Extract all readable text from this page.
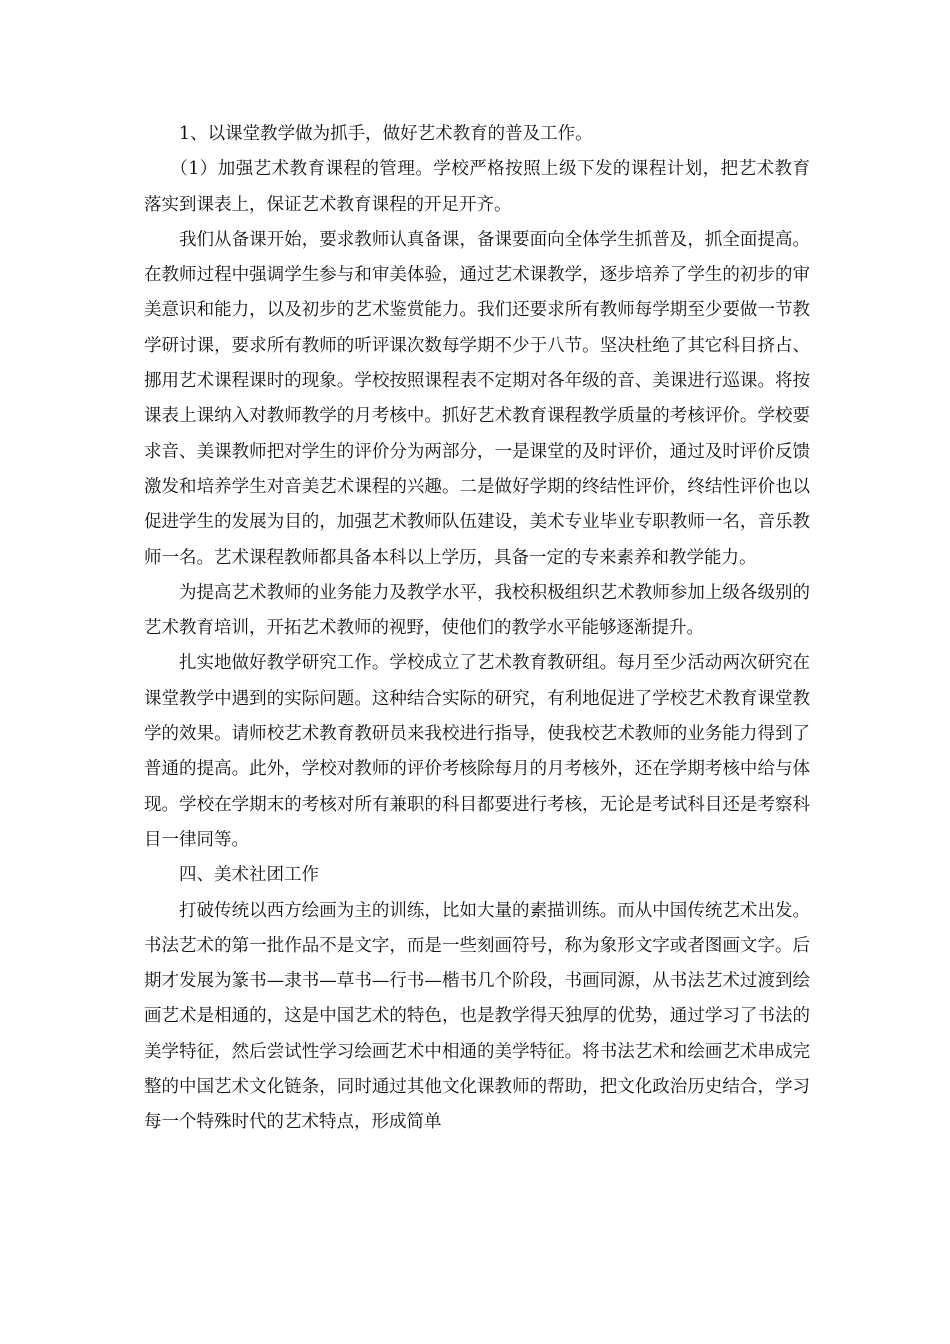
1、以课堂教学做为抓手，做好艺术教育的普及工作。

（1）加强艺术教育课程的管理。学校严格按照上级下发的课程计划，把艺术教育落实到课表上，保证艺术教育课程的开足开齐。

我们从备课开始，要求教师认真备课，备课要面向全体学生抓普及，抓全面提高。在教师过程中强调学生参与和审美体验，通过艺术课教学，逐步培养了学生的初步的审美意识和能力，以及初步的艺术鉴赏能力。我们还要求所有教师每学期至少要做一节教学研讨课，要求所有教师的听评课次数每学期不少于八节。坚决杜绝了其它科目挤占、挪用艺术课程课时的现象。学校按照课程表不定期对各年级的音、美课进行巡课。将按课表上课纳入对教师教学的月考核中。抓好艺术教育课程教学质量的考核评价。学校要求音、美课教师把对学生的评价分为两部分，一是课堂的及时评价，通过及时评价反馈激发和培养学生对音美艺术课程的兴趣。二是做好学期的终结性评价，终结性评价也以促进学生的发展为目的，加强艺术教师队伍建设，美术专业毕业专职教师一名，音乐教师一名。艺术课程教师都具备本科以上学历，具备一定的专来素养和教学能力。

为提高艺术教师的业务能力及教学水平，我校积极组织艺术教师参加上级各级别的艺术教育培训，开拓艺术教师的视野，使他们的教学水平能够逐渐提升。

扎实地做好教学研究工作。学校成立了艺术教育教研组。每月至少活动两次研究在课堂教学中遇到的实际问题。这种结合实际的研究，有利地促进了学校艺术教育课堂教学的效果。请师校艺术教育教研员来我校进行指导，使我校艺术教师的业务能力得到了普通的提高。此外，学校对教师的评价考核除每月的月考核外，还在学期考核中给与体现。学校在学期末的考核对所有兼职的科目都要进行考核，无论是考试科目还是考察科目一律同等。

四、美术社团工作

打破传统以西方绘画为主的训练，比如大量的素描训练。而从中国传统艺术出发。书法艺术的第一批作品不是文字，而是一些刻画符号，称为象形文字或者图画文字。后期才发展为篆书—隶书—草书—行书—楷书几个阶段，书画同源，从书法艺术过渡到绘画艺术是相通的，这是中国艺术的特色，也是教学得天独厚的优势，通过学习了书法的美学特征，然后尝试性学习绘画艺术中相通的美学特征。将书法艺术和绘画艺术串成完整的中国艺术文化链条，同时通过其他文化课教师的帮助，把文化政治历史结合，学习每一个特殊时代的艺术特点，形成简单
